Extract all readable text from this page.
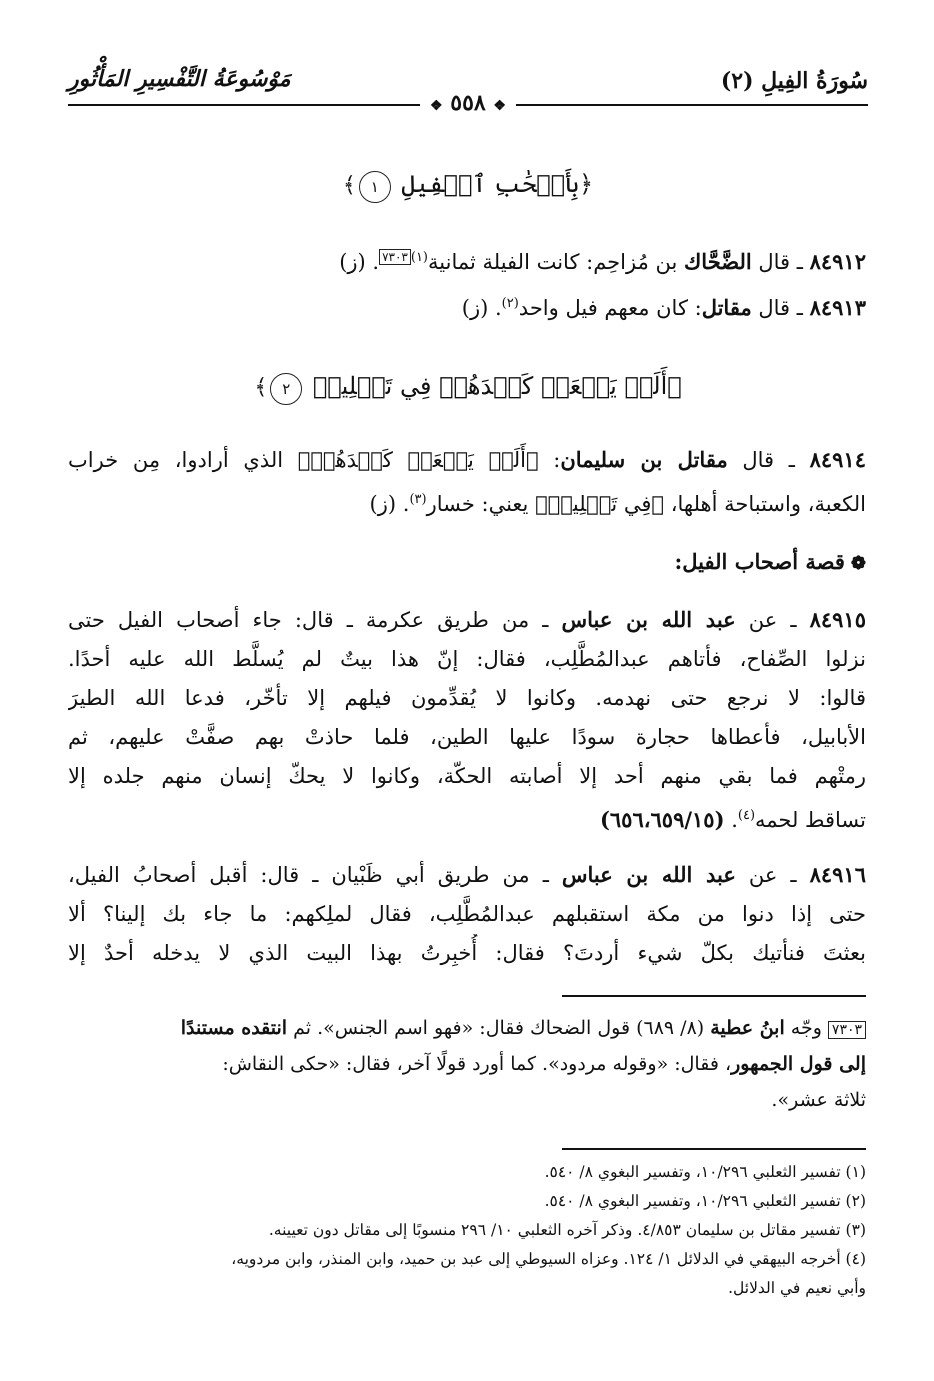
سُورَةُ الفِيلِ (٢)
مَوْسُوعَةُ التَّفْسِيرِ المَأْثُورِ
❖ ٥٥٨ ❖
﴿بِأَصۡحَٰبِ ٱلۡفِيلِ ١﴾
٨٤٩١٢ ـ قال الضَّحَّاك بن مُزاحِم: كانت الفيلة ثمانية$^{(١)}$٧٣٠٣. (ز)
٨٤٩١٣ ـ قال مقاتل: كان معهم فيل واحد$^{(٢)}$. (ز)
﴿أَلَمۡ يَجۡعَلۡ كَيۡدَهُمۡ فِي تَضۡلِيلٖ ٢﴾
٨٤٩١٤ ـ قال مقاتل بن سليمان: ﴿أَلَمۡ يَجۡعَلۡ كَيۡدَهُمۡ﴾ الذي أرادوا، مِن خراب
الكعبة، واستباحة أهلها، ﴿فِي تَضۡلِيلٖ﴾ يعني: خسار$^{(٣)}$. (ز)
❁قصة أصحاب الفيل:
٨٤٩١٥ ـ عن عبد الله بن عباس ـ من طريق عكرمة ـ قال: جاء أصحاب الفيل حتى
نزلوا الصِّفاح، فأتاهم عبدالمُطَّلِب، فقال: إنّ هذا بيتٌ لم يُسلَّط الله عليه أحدًا.
قالوا: لا نرجع حتى نهدمه. وكانوا لا يُقدِّمون فيلهم إلا تأخّر، فدعا الله الطيرَ
الأبابيل، فأعطاها حجارة سودًا عليها الطين، فلما حاذتْ بهم صفَّتْ عليهم، ثم
رمتْهم فما بقي منهم أحد إلا أصابته الحكّة، وكانوا لا يحكّ إنسان منهم جلده إلا
تساقط لحمه$^{(٤)}$. (٦٥٦،٦٥٩/١٥)
٨٤٩١٦ ـ عن عبد الله بن عباس ـ من طريق أبي ظَبْيان ـ قال: أقبل أصحابُ الفيل،
حتى إذا دنوا من مكة استقبلهم عبدالمُطَّلِب، فقال لملِكهم: ما جاء بك إلينا؟ ألا
بعثتَ فنأتيك بكلّ شيء أردتَ؟ فقال: أُخبِرتُ بهذا البيت الذي لا يدخله أحدٌ إلا
٧٣٠٣ وجّه ابنُ عطية (٨/ ٦٨٩) قول الضحاك فقال: «فهو اسم الجنس». ثم انتقده مستندًا
إلى قول الجمهور، فقال: «وقوله مردود». كما أورد قولًا آخر، فقال: «حكى النقاش:
ثلاثة عشر».
(١) تفسير الثعلبي ١٠/٢٩٦، وتفسير البغوي ٨/ ٥٤٠.
(٢) تفسير الثعلبي ١٠/٢٩٦، وتفسير البغوي ٨/ ٥٤٠.
(٣) تفسير مقاتل بن سليمان ٤/٨٥٣. وذكر آخره الثعلبي ١٠/ ٢٩٦ منسوبًا إلى مقاتل دون تعيينه.
(٤) أخرجه البيهقي في الدلائل ١/ ١٢٤. وعزاه السيوطي إلى عبد بن حميد، وابن المنذر، وابن مردويه،
وأبي نعيم في الدلائل.
